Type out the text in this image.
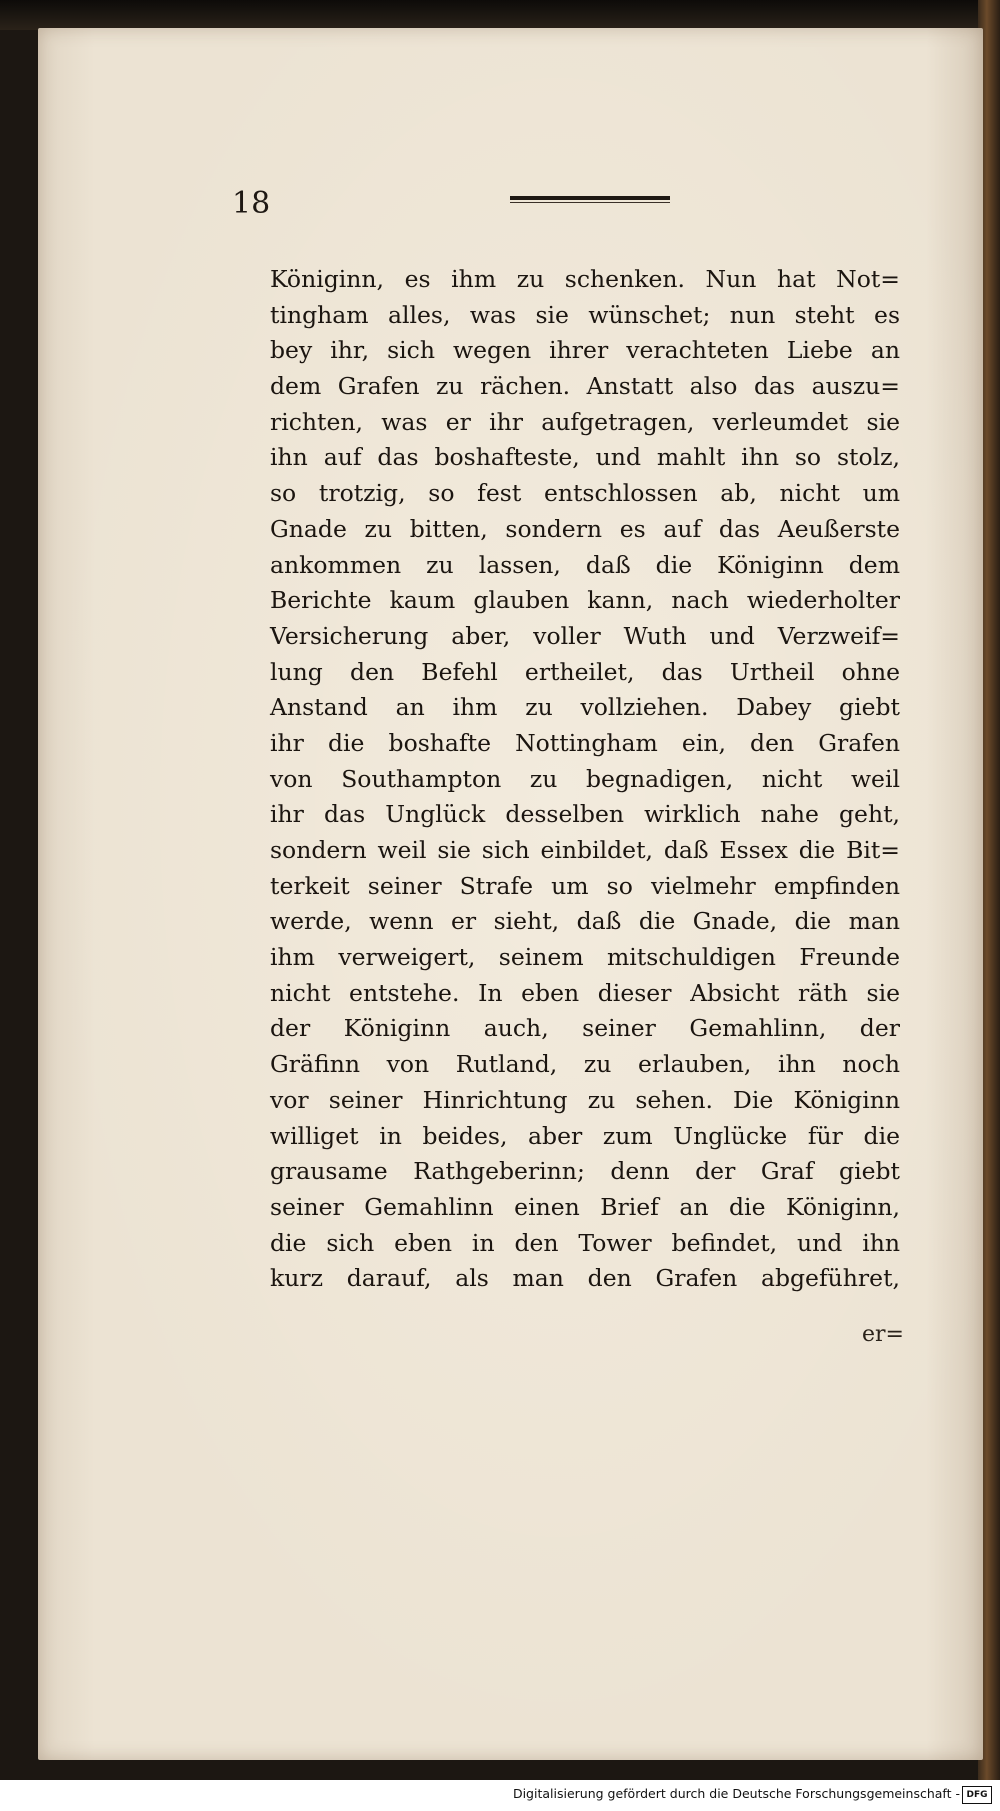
18
Königinn, es ihm zu schenken. Nun hat Not=
tingham alles, was sie wünschet; nun steht es
bey ihr, sich wegen ihrer verachteten Liebe an
dem Grafen zu rächen. Anstatt also das auszu=
richten, was er ihr aufgetragen, verleumdet sie
ihn auf das boshafteste, und mahlt ihn so stolz,
so trotzig, so fest entschlossen ab, nicht um
Gnade zu bitten, sondern es auf das Aeußerste
ankommen zu lassen, daß die Königinn dem
Berichte kaum glauben kann, nach wiederholter
Versicherung aber, voller Wuth und Verzweif=
lung den Befehl ertheilet, das Urtheil ohne
Anstand an ihm zu vollziehen. Dabey giebt
ihr die boshafte Nottingham ein, den Grafen
von Southampton zu begnadigen, nicht weil
ihr das Unglück desselben wirklich nahe geht,
sondern weil sie sich einbildet, daß Essex die Bit=
terkeit seiner Strafe um so vielmehr empfinden
werde, wenn er sieht, daß die Gnade, die man
ihm verweigert, seinem mitschuldigen Freunde
nicht entstehe. In eben dieser Absicht räth sie
der Königinn auch, seiner Gemahlinn, der
Gräfinn von Rutland, zu erlauben, ihn noch
vor seiner Hinrichtung zu sehen. Die Königinn
williget in beides, aber zum Unglücke für die
grausame Rathgeberinn; denn der Graf giebt
seiner Gemahlinn einen Brief an die Königinn,
die sich eben in den Tower befindet, und ihn
kurz darauf, als man den Grafen abgeführet,
er=
Digitalisierung gefördert durch die Deutsche Forschungsgemeinschaft - DFG
